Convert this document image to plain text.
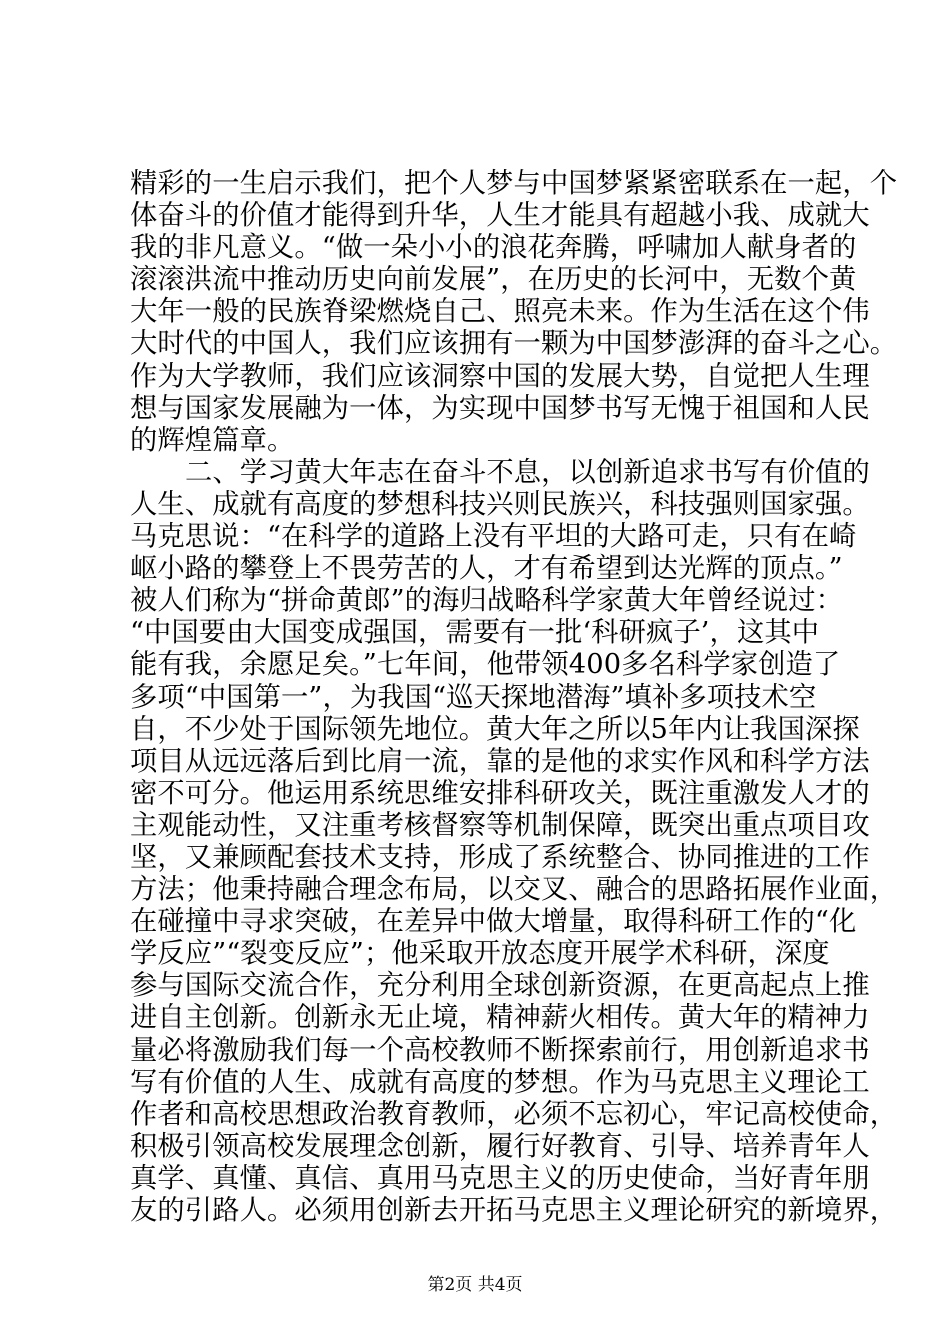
精彩的一生启示我们，把个人梦与中国梦紧紧密联系在一起，个
体奋斗的价值才能得到升华，人生才能具有超越小我、成就大
我的非凡意义。“做一朵小小的浪花奔腾，呼啸加人献身者的
滚滚洪流中推动历史向前发展”，在历史的长河中，无数个黄
大年一般的民族脊梁燃烧自己、照亮未来。作为生活在这个伟
大时代的中国人，我们应该拥有一颗为中国梦澎湃的奋斗之心。
作为大学教师，我们应该洞察中国的发展大势，自觉把人生理
想与国家发展融为一体，为实现中国梦书写无愧于祖国和人民
的辉煌篇章。
二、学习黄大年志在奋斗不息，以创新追求书写有价值的
人生、成就有高度的梦想科技兴则民族兴，科技强则国家强。
马克思说：“在科学的道路上没有平坦的大路可走，只有在崎
岖小路的攀登上不畏劳苦的人，才有希望到达光辉的顶点。”
被人们称为“拼命黄郎”的海归战略科学家黄大年曾经说过：
“中国要由大国变成强国，需要有一批‘科研疯子’，这其中
能有我，余愿足矣。”七年间，他带领400多名科学家创造了
多项“中国第一”，为我国“巡天探地潜海”填补多项技术空
自，不少处于国际领先地位。黄大年之所以5年内让我国深探
项目从远远落后到比肩一流，靠的是他的求实作风和科学方法
密不可分。他运用系统思维安排科研攻关，既注重激发人才的
主观能动性，又注重考核督察等机制保障，既突出重点项目攻
坚，又兼顾配套技术支持，形成了系统整合、协同推进的工作
方法；他秉持融合理念布局，以交叉、融合的思路拓展作业面，
在碰撞中寻求突破，在差异中做大增量，取得科研工作的“化
学反应”“裂变反应”；他采取开放态度开展学术科研，深度
参与国际交流合作，充分利用全球创新资源，在更高起点上推
进自主创新。创新永无止境，精神薪火相传。黄大年的精神力
量必将激励我们每一个高校教师不断探索前行，用创新追求书
写有价值的人生、成就有高度的梦想。作为马克思主义理论工
作者和高校思想政治教育教师，必须不忘初心，牢记高校使命，
积极引领高校发展理念创新，履行好教育、引导、培养青年人
真学、真懂、真信、真用马克思主义的历史使命，当好青年朋
友的引路人。必须用创新去开拓马克思主义理论研究的新境界，
第2页 共4页
